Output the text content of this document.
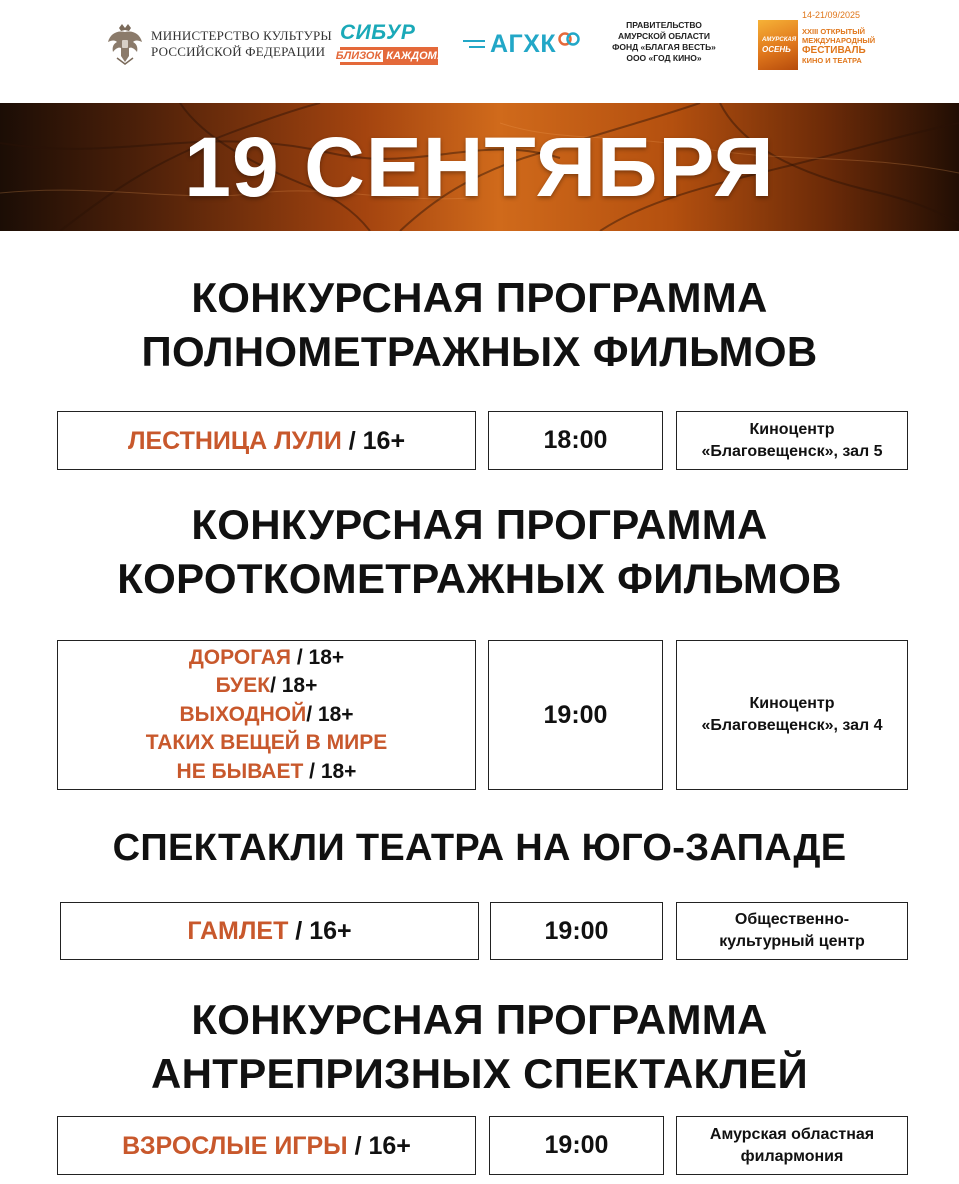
МИНИСТЕРСТВО КУЛЬТУРЫ
РОССИЙСКОЙ ФЕДЕРАЦИИ
СИБУР
БЛИЗОК КАЖДОМУ АГХК
ПРАВИТЕЛЬСТВО
АМУРСКОЙ ОБЛАСТИ
ФОНД «БЛАГАЯ ВЕСТЬ»
ООО «ГОД КИНО»
АМУРСКАЯ
ОСЕНЬ
14-21/09/2025
XXIII ОТКРЫТЫЙ
МЕЖДУНАРОДНЫЙ
ФЕСТИВАЛЬ
КИНО И ТЕАТРА
19 СЕНТЯБРЯ
КОНКУРСНАЯ ПРОГРАММА
ПОЛНОМЕТРАЖНЫХ ФИЛЬМОВ
ЛЕСТНИЦА ЛУЛИ / 16+	18:00	Киноцентр
«Благовещенск», зал 5
КОНКУРСНАЯ ПРОГРАММА
КОРОТКОМЕТРАЖНЫХ ФИЛЬМОВ
ДОРОГАЯ / 18+
БУЕК/ 18+
ВЫХОДНОЙ/ 18+
ТАКИХ ВЕЩЕЙ В МИРЕ
НЕ БЫВАЕТ / 18+
19:00	Киноцентр
«Благовещенск», зал 4
СПЕКТАКЛИ ТЕАТРА НА ЮГО-ЗАПАДЕ
ГАМЛЕТ / 16+	19:00	Общественно-
культурный центр
КОНКУРСНАЯ ПРОГРАММА
АНТРЕПРИЗНЫХ СПЕКТАКЛЕЙ
ВЗРОСЛЫЕ ИГРЫ / 16+	19:00	Амурская областная
филармония
